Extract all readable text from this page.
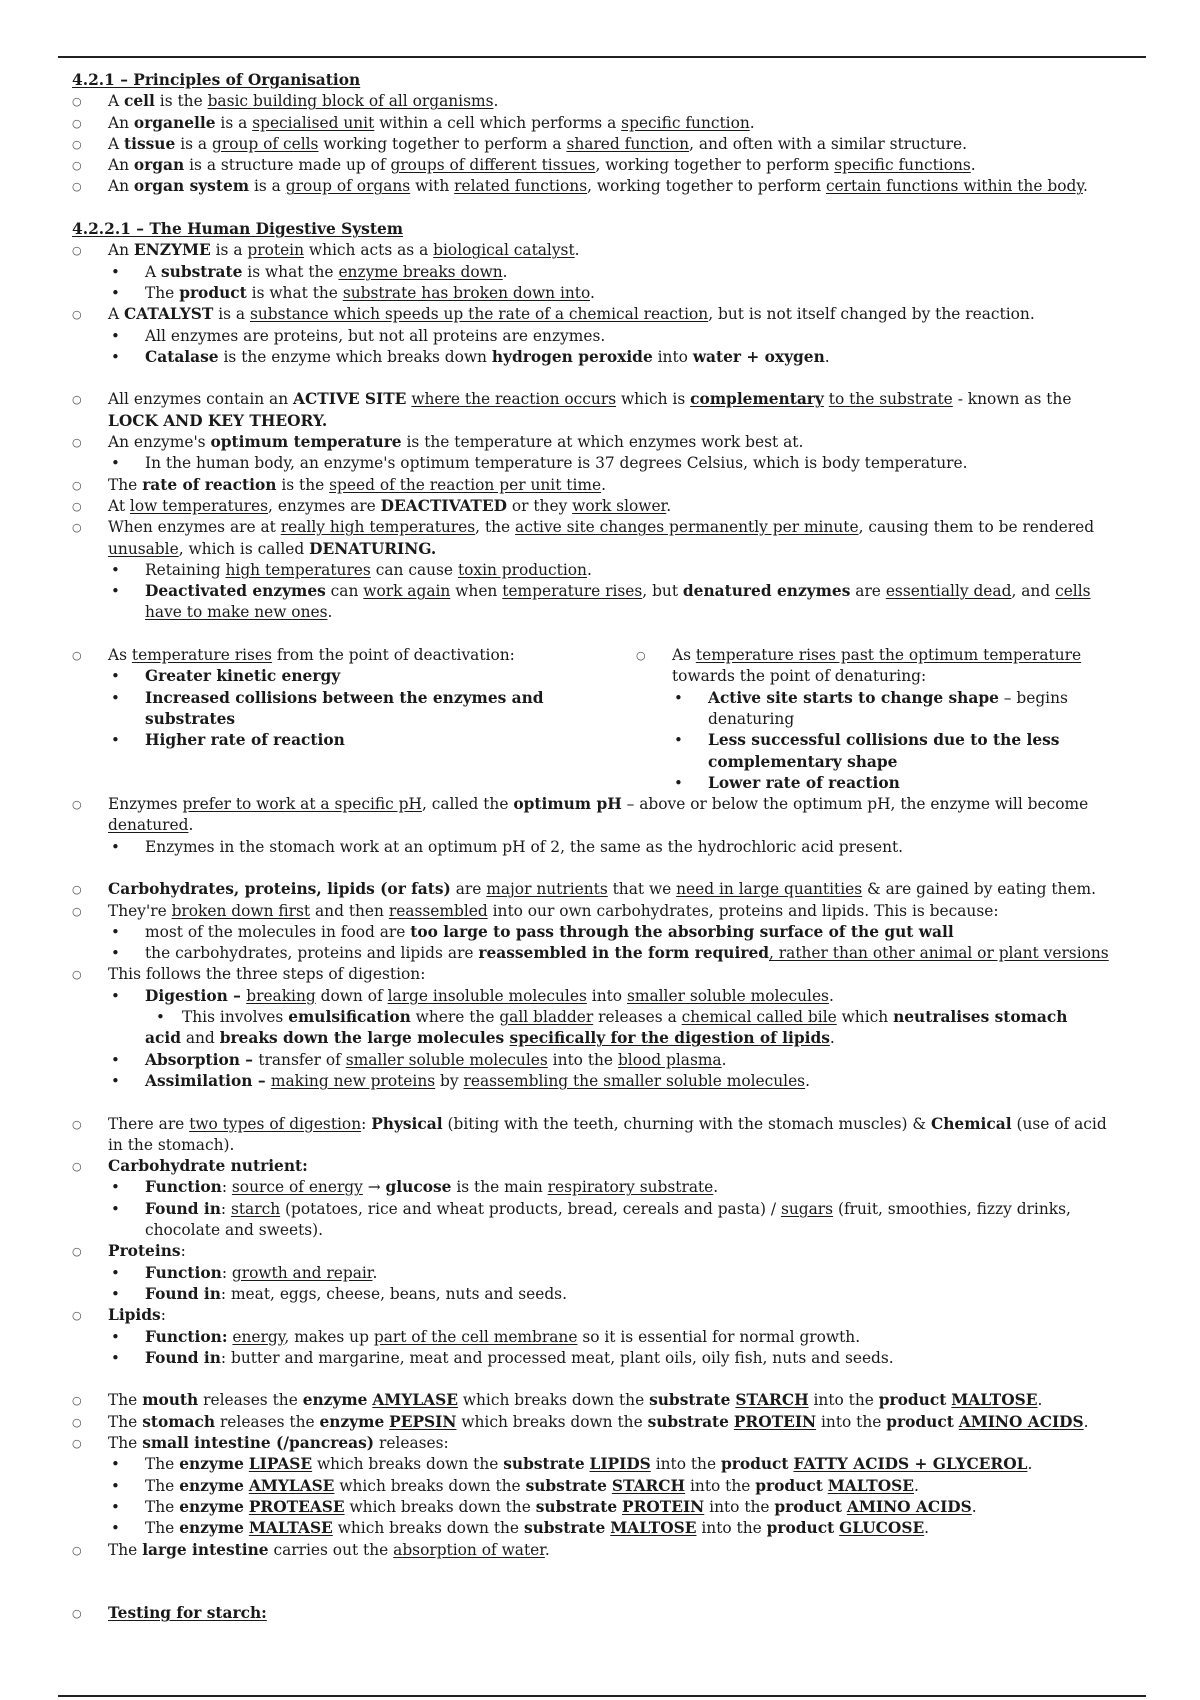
4.2.1 – Principles of Organisation
○ A cell is the basic building block of all organisms.
○ An organelle is a specialised unit within a cell which performs a specific function.
○ A tissue is a group of cells working together to perform a shared function, and often with a similar structure.
○ An organ is a structure made up of groups of different tissues, working together to perform specific functions.
○ An organ system is a group of organs with related functions, working together to perform certain functions within the body.
4.2.2.1 – The Human Digestive System
○ An ENZYME is a protein which acts as a biological catalyst.
• A substrate is what the enzyme breaks down.
• The product is what the substrate has broken down into.
○ A CATALYST is a substance which speeds up the rate of a chemical reaction, but is not itself changed by the reaction.
• All enzymes are proteins, but not all proteins are enzymes.
• Catalase is the enzyme which breaks down hydrogen peroxide into water + oxygen.
○ All enzymes contain an ACTIVE SITE where the reaction occurs which is complementary to the substrate - known as the
LOCK AND KEY THEORY.
○ An enzyme's optimum temperature is the temperature at which enzymes work best at.
• In the human body, an enzyme's optimum temperature is 37 degrees Celsius, which is body temperature.
○ The rate of reaction is the speed of the reaction per unit time.
○ At low temperatures, enzymes are DEACTIVATED or they work slower.
○ When enzymes are at really high temperatures, the active site changes permanently per minute, causing them to be rendered
unusable, which is called DENATURING.
• Retaining high temperatures can cause toxin production.
• Deactivated enzymes can work again when temperature rises, but denatured enzymes are essentially dead, and cells
have to make new ones.
○ As temperature rises from the point of deactivation:
• Greater kinetic energy
• Increased collisions between the enzymes and
substrates
• Higher rate of reaction
○ As temperature rises past the optimum temperature
towards the point of denaturing:
• Active site starts to change shape – begins
denaturing
• Less successful collisions due to the less
complementary shape
• Lower rate of reaction
○ Enzymes prefer to work at a specific pH, called the optimum pH – above or below the optimum pH, the enzyme will become
denatured.
• Enzymes in the stomach work at an optimum pH of 2, the same as the hydrochloric acid present.
○ Carbohydrates, proteins, lipids (or fats) are major nutrients that we need in large quantities & are gained by eating them.
○ They're broken down first and then reassembled into our own carbohydrates, proteins and lipids. This is because:
• most of the molecules in food are too large to pass through the absorbing surface of the gut wall
• the carbohydrates, proteins and lipids are reassembled in the form required, rather than other animal or plant versions
○ This follows the three steps of digestion:
• Digestion – breaking down of large insoluble molecules into smaller soluble molecules.
• This involves emulsification where the gall bladder releases a chemical called bile which neutralises stomach
acid and breaks down the large molecules specifically for the digestion of lipids.
• Absorption – transfer of smaller soluble molecules into the blood plasma.
• Assimilation – making new proteins by reassembling the smaller soluble molecules.
○ There are two types of digestion: Physical (biting with the teeth, churning with the stomach muscles) & Chemical (use of acid
in the stomach).
○ Carbohydrate nutrient:
• Function: source of energy → glucose is the main respiratory substrate.
• Found in: starch (potatoes, rice and wheat products, bread, cereals and pasta) / sugars (fruit, smoothies, fizzy drinks,
chocolate and sweets).
○ Proteins:
• Function: growth and repair.
• Found in: meat, eggs, cheese, beans, nuts and seeds.
○ Lipids:
• Function: energy, makes up part of the cell membrane so it is essential for normal growth.
• Found in: butter and margarine, meat and processed meat, plant oils, oily fish, nuts and seeds.
○ The mouth releases the enzyme AMYLASE which breaks down the substrate STARCH into the product MALTOSE.
○ The stomach releases the enzyme PEPSIN which breaks down the substrate PROTEIN into the product AMINO ACIDS.
○ The small intestine (/pancreas) releases:
• The enzyme LIPASE which breaks down the substrate LIPIDS into the product FATTY ACIDS + GLYCEROL.
• The enzyme AMYLASE which breaks down the substrate STARCH into the product MALTOSE.
• The enzyme PROTEASE which breaks down the substrate PROTEIN into the product AMINO ACIDS.
• The enzyme MALTASE which breaks down the substrate MALTOSE into the product GLUCOSE.
○ The large intestine carries out the absorption of water.
○ Testing for starch:
